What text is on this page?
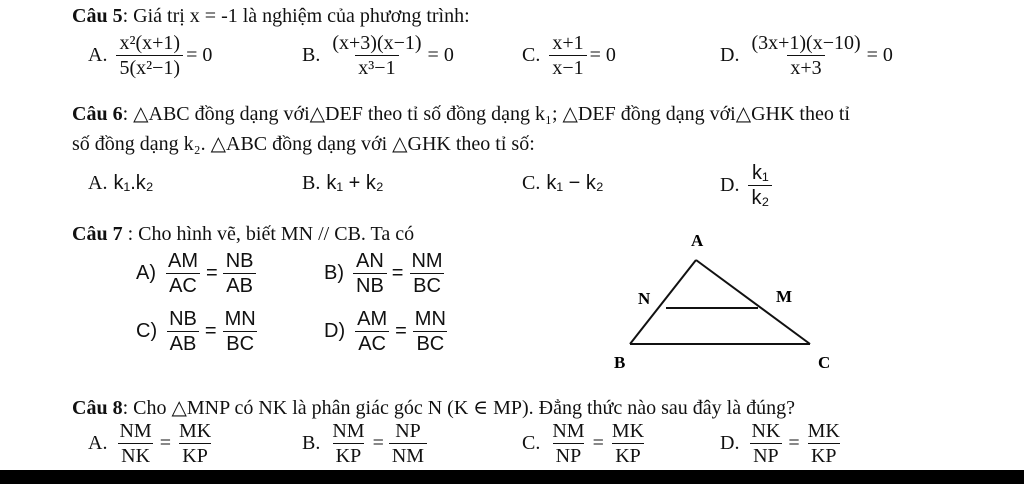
Câu 5: Giá trị x = -1 là nghiệm của phương trình:
A. $\frac{\text{x²(x+1)}}{\text{5(x²−1)}} = 0$	B. $\frac{(x+3)(x-1)}{\text{x³−1}} = 0$	C. $\frac{x+1}{x-1} = 0$	D. $\frac{(3x+1)(x-10)}{x+3} = 0$
Câu 6: △ABC đồng dạng với△DEF theo tỉ số đồng dạng k₁; △DEF đồng dạng với△GHK theo tỉ
số đồng dạng k₂. △ABC đồng dạng với △GHK theo tỉ số:
A. k₁.k₂	B. k₁ + k₂	C. k₁ − k₂	D. $\frac{\text{k₁}}{\text{k₂}}$
Câu 7 : Cho hình vẽ, biết MN // CB. Ta có
$A) \frac{AM}{AC} = \frac{NB}{AB}$	$B) \frac{AN}{NB} = \frac{NM}{BC}$
$C) \frac{NB}{AB} = \frac{MN}{BC}$	$D) \frac{AM}{AC} = \frac{MN}{BC}$
A
N	M
B	C
Câu 8: Cho △MNP có NK là phân giác góc N (K ∈ MP). Đẳng thức nào sau đây là đúng?
A. $\frac{NM}{NK} = \frac{MK}{KP}$	B. $\frac{NM}{KP} = \frac{NP}{NM}$	C. $\frac{NM}{NP} = \frac{MK}{KP}$	D. $\frac{NK}{NP} = \frac{MK}{KP}$
